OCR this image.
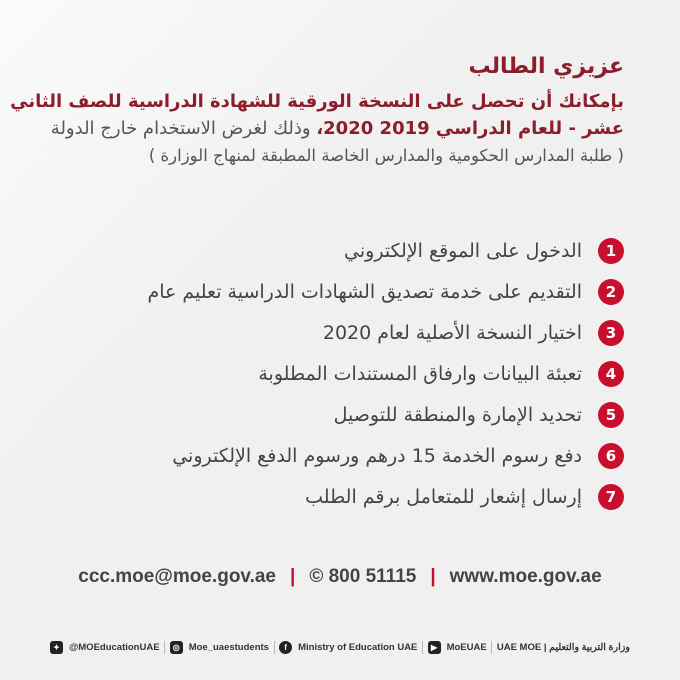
عزيزي الطالب
بإمكانك أن تحصل على النسخة الورقية للشهادة الدراسية للصف الثاني
عشر - للعام الدراسي 2019 2020، وذلك لغرض الاستخدام خارج الدولة
( طلبة المدارس الحكومية والمدارس الخاصة المطبقة لمنهاج الوزارة )
1
الدخول على الموقع الإلكتروني
2
التقديم على خدمة تصديق الشهادات الدراسية تعليم عام
3
اختيار النسخة الأصلية لعام 2020
4
تعبئة البيانات وارفاق المستندات المطلوبة
5
تحديد الإمارة والمنطقة للتوصيل
6
دفع رسوم الخدمة 15 درهم ورسوم الدفع الإلكتروني
7
إرسال إشعار للمتعامل برقم الطلب
ccc.moe@moe.gov.ae | © 800 51115 | www.moe.gov.ae
✦ @MOEducationUAE	◎ Moe_uaestudents	f	Ministry of Education UAE	▶ MoEUAE UAE MOE | وزارة التربية والتعليم
